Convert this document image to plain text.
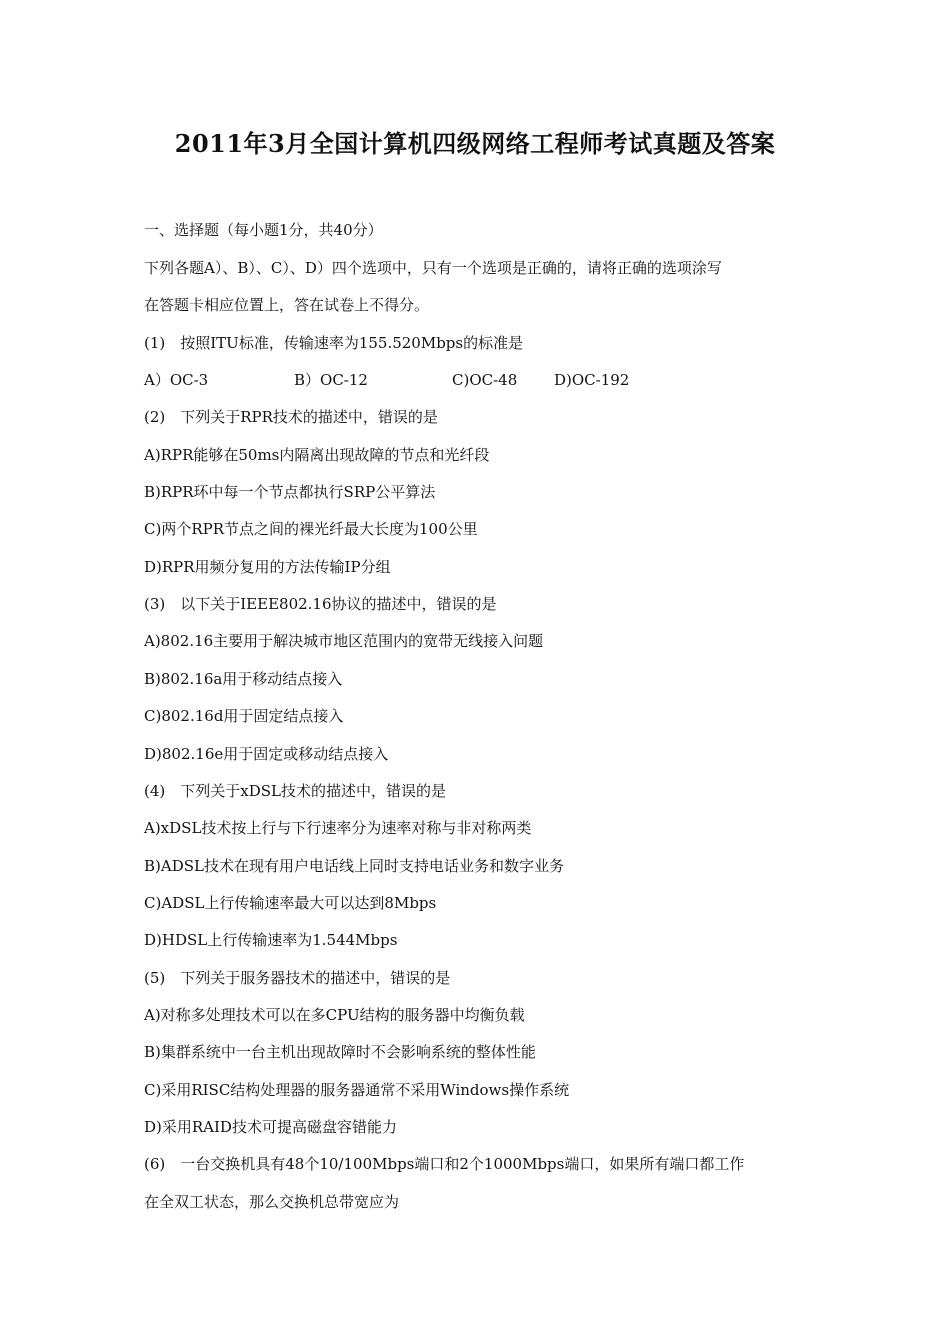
2011年3月全国计算机四级网络工程师考试真题及答案
一、选择题（每小题1分，共40分）
下列各题A）、B）、C）、D）四个选项中，只有一个选项是正确的，请将正确的选项涂写
在答题卡相应位置上，答在试卷上不得分。
(1)　按照ITU标准，传输速率为155.520Mbps的标准是
A）OC-3	B）OC-12	C)OC-48 D)OC-192
(2)　下列关于RPR技术的描述中，错误的是
A)RPR能够在50ms内隔离出现故障的节点和光纤段
B)RPR环中每一个节点都执行SRP公平算法
C)两个RPR节点之间的裸光纤最大长度为100公里
D)RPR用频分复用的方法传输IP分组
(3)　以下关于IEEE802.16协议的描述中，错误的是
A)802.16主要用于解决城市地区范围内的宽带无线接入问题
B)802.16a用于移动结点接入
C)802.16d用于固定结点接入
D)802.16e用于固定或移动结点接入
(4)　下列关于xDSL技术的描述中，错误的是
A)xDSL技术按上行与下行速率分为速率对称与非对称两类
B)ADSL技术在现有用户电话线上同时支持电话业务和数字业务
C)ADSL上行传输速率最大可以达到8Mbps
D)HDSL上行传输速率为1.544Mbps
(5)　下列关于服务器技术的描述中，错误的是
A)对称多处理技术可以在多CPU结构的服务器中均衡负载
B)集群系统中一台主机出现故障时不会影响系统的整体性能
C)采用RISC结构处理器的服务器通常不采用Windows操作系统
D)采用RAID技术可提高磁盘容错能力
(6)　一台交换机具有48个10/100Mbps端口和2个1000Mbps端口，如果所有端口都工作
在全双工状态，那么交换机总带宽应为
